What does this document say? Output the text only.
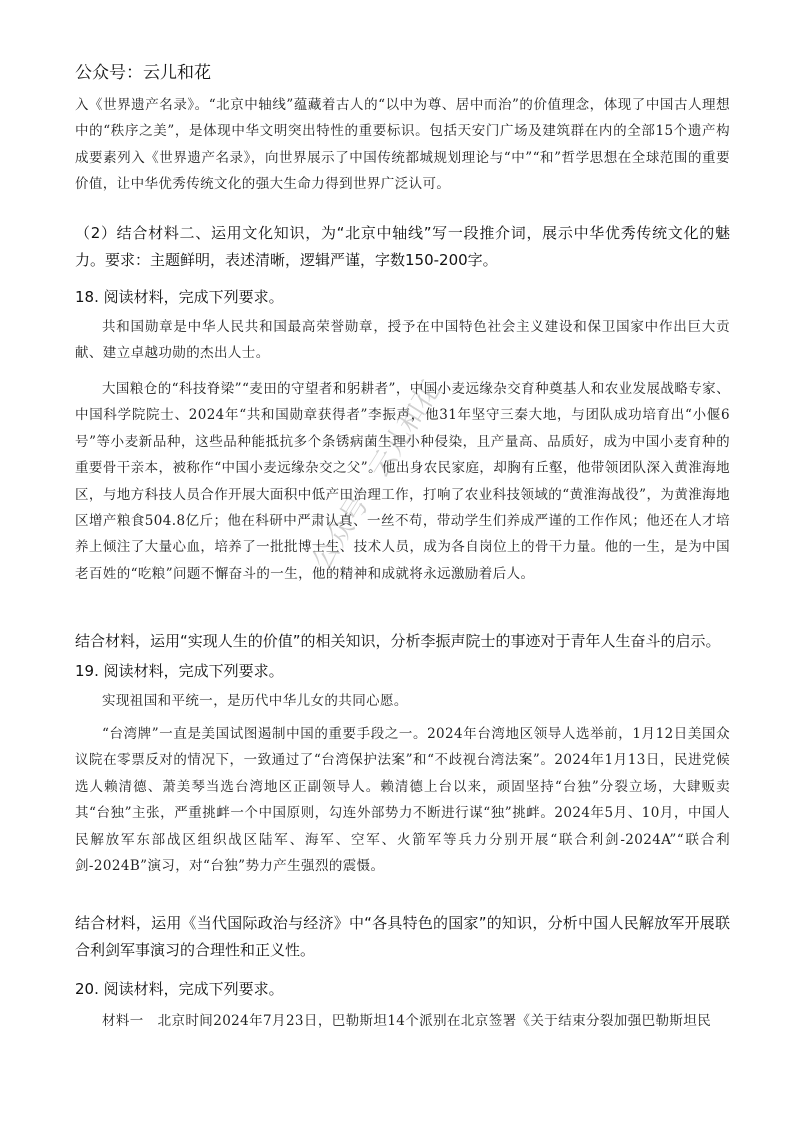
公众号：云儿和花

入《世界遗产名录》。“北京中轴线”蕴藏着古人的“以中为尊、居中而治”的价值理念，体现了中国古人理想中的“秩序之美”，是体现中华文明突出特性的重要标识。包括天安门广场及建筑群在内的全部15个遗产构成要素列入《世界遗产名录》，向世界展示了中国传统都城规划理论与“中”“和”哲学思想在全球范围的重要价值，让中华优秀传统文化的强大生命力得到世界广泛认可。

（2）结合材料二、运用文化知识，为“北京中轴线”写一段推介词，展示中华优秀传统文化的魅力。要求：主题鲜明，表述清晰，逻辑严谨，字数150-200字。

18. 阅读材料，完成下列要求。

共和国勋章是中华人民共和国最高荣誉勋章，授予在中国特色社会主义建设和保卫国家中作出巨大贡献、建立卓越功勋的杰出人士。

大国粮仓的“科技脊梁”“麦田的守望者和躬耕者”，中国小麦远缘杂交育种奠基人和农业发展战略专家、中国科学院院士、2024年“共和国勋章获得者”李振声，他31年坚守三秦大地，与团队成功培育出“小偃6号”等小麦新品种，这些品种能抵抗多个条锈病菌生理小种侵染，且产量高、品质好，成为中国小麦育种的重要骨干亲本，被称作“中国小麦远缘杂交之父”。他出身农民家庭，却胸有丘壑，他带领团队深入黄淮海地区，与地方科技人员合作开展大面积中低产田治理工作，打响了农业科技领域的“黄淮海战役”，为黄淮海地区增产粮食504.8亿斤；他在科研中严肃认真、一丝不苟，带动学生们养成严谨的工作作风；他还在人才培养上倾注了大量心血，培养了一批批博士生、技术人员，成为各自岗位上的骨干力量。他的一生，是为中国老百姓的“吃粮”问题不懈奋斗的一生，他的精神和成就将永远激励着后人。

结合材料，运用“实现人生的价值”的相关知识，分析李振声院士的事迹对于青年人生奋斗的启示。

19. 阅读材料，完成下列要求。

实现祖国和平统一，是历代中华儿女的共同心愿。

“台湾牌”一直是美国试图遏制中国的重要手段之一。2024年台湾地区领导人选举前，1月12日美国众议院在零票反对的情况下，一致通过了“台湾保护法案”和“不歧视台湾法案”。2024年1月13日，民进党候选人赖清德、萧美琴当选台湾地区正副领导人。赖清德上台以来，顽固坚持“台独”分裂立场，大肆贩卖其“台独”主张，严重挑衅一个中国原则，勾连外部势力不断进行谋“独”挑衅。2024年5月、10月，中国人民解放军东部战区组织战区陆军、海军、空军、火箭军等兵力分别开展“联合利剑-2024A”“联合利剑-2024B”演习，对“台独”势力产生强烈的震慑。

结合材料，运用《当代国际政治与经济》中“各具特色的国家”的知识，分析中国人民解放军开展联合利剑军事演习的合理性和正义性。

20. 阅读材料，完成下列要求。

材料一　北京时间2024年7月23日，巴勒斯坦14个派别在北京签署《关于结束分裂加强巴勒斯坦民

公众号：云儿和花
